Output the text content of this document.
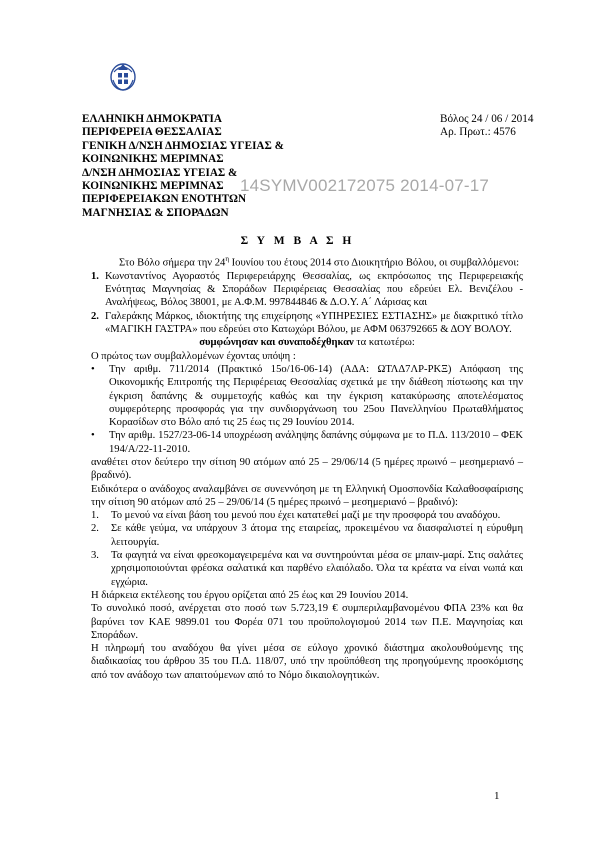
ΕΛΛΗΝΙΚΗ ΔΗΜΟΚΡΑΤΙΑ
ΠΕΡΙΦΕΡΕΙΑ ΘΕΣΣΑΛΙΑΣ
ΓΕΝΙΚΗ Δ/ΝΣΗ ΔΗΜΟΣΙΑΣ ΥΓΕΙΑΣ &
ΚΟΙΝΩΝΙΚΗΣ ΜΕΡΙΜΝΑΣ
Δ/ΝΣΗ ΔΗΜΟΣΙΑΣ ΥΓΕΙΑΣ &
ΚΟΙΝΩΝΙΚΗΣ ΜΕΡΙΜΝΑΣ
ΠΕΡΙΦΕΡΕΙΑΚΩΝ ΕΝΟΤΗΤΩΝ
ΜΑΓΝΗΣΙΑΣ & ΣΠΟΡΑΔΩΝ
Βόλος 24 / 06 / 2014
Αρ. Πρωτ.: 4576
14SYMV002172075 2014-07-17
Σ Υ Μ Β Α Σ Η

Στο Βόλο σήμερα την $24^\eta$ Ιουνίου του έτους 2014 στο Διοικητήριο Βόλου, οι συμβαλλόμενοι:

1. Κωνσταντίνος Αγοραστός Περιφερειάρχης Θεσσαλίας, ως εκπρόσωπος της Περιφερειακής Ενότητας Μαγνησίας & Σποράδων Περιφέρειας Θεσσαλίας που εδρεύει Ελ. Βενιζέλου - Αναλήψεως, Βόλος 38001, με Α.Φ.Μ. 997844846 & Δ.Ο.Υ. Α΄ Λάρισας και
2. Γαλεράκης Μάρκος, ιδιοκτήτης της επιχείρησης «ΥΠΗΡΕΣΙΕΣ ΕΣΤΙΑΣΗΣ» με διακριτικό τίτλο «ΜΑΓΙΚΗ ΓΑΣΤΡΑ» που εδρεύει στο Κατωχώρι Βόλου, με ΑΦΜ 063792665 & ΔΟΥ ΒΟΛΟΥ.

συμφώνησαν και συναποδέχθηκαν τα κατωτέρω:

Ο πρώτος των συμβαλλομένων έχοντας υπόψη :

•	Την αριθμ. 711/2014 (Πρακτικό 15ο/16-06-14) (ΑΔΑ: ΩΤΛΔ7ΛΡ-ΡΚΞ) Απόφαση της Οικονομικής Επιτροπής της Περιφέρειας Θεσσαλίας σχετικά με την διάθεση πίστωσης και την έγκριση δαπάνης & συμμετοχής καθώς και την έγκριση κατακύρωσης αποτελέσματος συμφερότερης προσφοράς για την συνδιοργάνωση του 25ου Πανελληνίου Πρωταθλήματος Κορασίδων στο Βόλο από τις 25 έως τις 29 Ιουνίου 2014.
•	Την αριθμ. 1527/23-06-14 υποχρέωση ανάληψης δαπάνης σύμφωνα με το Π.Δ. 113/2010 – ΦΕΚ 194/Α/22-11-2010.

αναθέτει στον δεύτερο την σίτιση 90 ατόμων από 25 – 29/06/14 (5 ημέρες πρωινό – μεσημεριανό – βραδινό).

Ειδικότερα ο ανάδοχος αναλαμβάνει σε συνεννόηση με τη Ελληνική Ομοσπονδία Καλαθοσφαίρισης την σίτιση 90 ατόμων από 25 – 29/06/14 (5 ημέρες πρωινό – μεσημεριανό – βραδινό):

1.	Το μενού να είναι βάση του μενού που έχει κατατεθεί μαζί με την προσφορά του αναδόχου.
2.	Σε κάθε γεύμα, να υπάρχουν 3 άτομα της εταιρείας, προκειμένου να διασφαλιστεί η εύρυθμη λειτουργία.
3.	Τα φαγητά να είναι φρεσκομαγειρεμένα και να συντηρούνται μέσα σε μπαιν-μαρί. Στις σαλάτες χρησιμοποιούνται φρέσκα σαλατικά και παρθένο ελαιόλαδο. Όλα τα κρέατα να είναι νωπά και εγχώρια.

Η διάρκεια εκτέλεσης του έργου ορίζεται από 25 έως και 29 Ιουνίου 2014.

Το συνολικό ποσό, ανέρχεται στο ποσό των 5.723,19 € συμπεριλαμβανομένου ΦΠΑ 23% και θα βαρύνει τον ΚΑΕ 9899.01 του Φορέα 071 του προϋπολογισμού 2014 των Π.Ε. Μαγνησίας και Σποράδων.

Η πληρωμή του αναδόχου θα γίνει μέσα σε εύλογο χρονικό διάστημα ακολουθούμενης της διαδικασίας του άρθρου 35 του Π.Δ. 118/07, υπό την προϋπόθεση της προηγούμενης προσκόμισης από τον ανάδοχο των απαιτούμενων από το Νόμο δικαιολογητικών.

1
